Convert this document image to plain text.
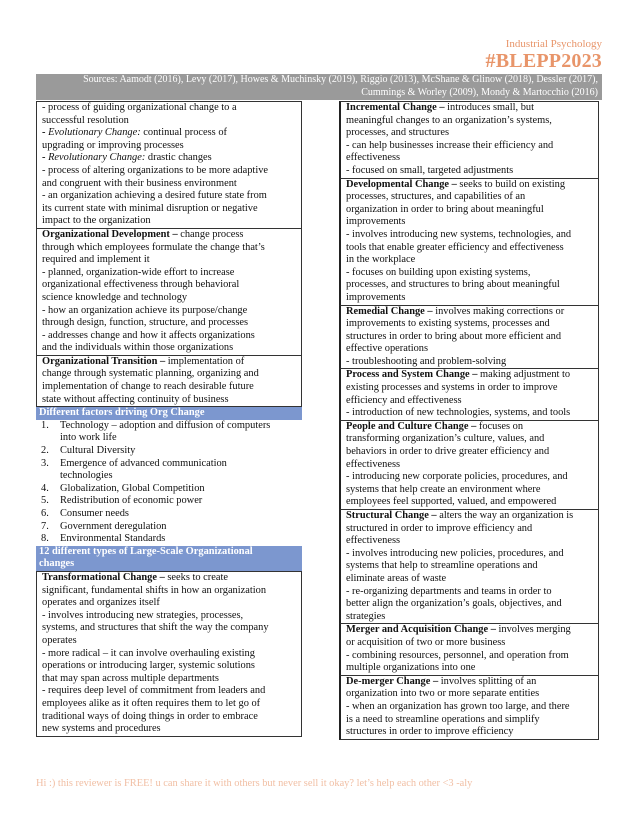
Industrial Psychology
#BLEPP2023
Sources: Aamodt (2016), Levy (2017), Howes & Muchinsky (2019), Riggio (2013), McShane & Glinow (2018), Dessler (2017), Cummings & Worley (2009), Mondy & Martocchio (2016)
- process of guiding organizational change to a
successful resolution
- Evolutionary Change: continual process of
upgrading or improving processes
- Revolutionary Change: drastic changes
- process of altering organizations to be more adaptive
and congruent with their business environment
- an organization achieving a desired future state from
its current state with minimal disruption or negative
impact to the organization
Organizational Development – change process
through which employees formulate the change that’s
required and implement it
- planned, organization-wide effort to increase
organizational effectiveness through behavioral
science knowledge and technology
- how an organization achieve its purpose/change
through design, function, structure, and processes
- addresses change and how it affects organizations
and the individuals within those organizations
Organizational Transition – implementation of
change through systematic planning, organizing and
implementation of change to reach desirable future
state without affecting continuity of business
Different factors driving Org Change
1. Technology – adoption and diffusion of computers
into work life
2. Cultural Diversity
3. Emergence of advanced communication
technologies
4. Globalization, Global Competition
5. Redistribution of economic power
6. Consumer needs
7. Government deregulation
8. Environmental Standards
12 different types of Large-Scale Organizational
changes
Transformational Change – seeks to create
significant, fundamental shifts in how an organization
operates and organizes itself
- involves introducing new strategies, processes,
systems, and structures that shift the way the company
operates
- more radical – it can involve overhauling existing
operations or introducing larger, systemic solutions
that may span across multiple departments
- requires deep level of commitment from leaders and
employees alike as it often requires them to let go of
traditional ways of doing things in order to embrace
new systems and procedures
Incremental Change – introduces small, but
meaningful changes to an organization’s systems,
processes, and structures
- can help businesses increase their efficiency and
effectiveness
- focused on small, targeted adjustments
Developmental Change – seeks to build on existing
processes, structures, and capabilities of an
organization in order to bring about meaningful
improvements
- involves introducing new systems, technologies, and
tools that enable greater efficiency and effectiveness
in the workplace
- focuses on building upon existing systems,
processes, and structures to bring about meaningful
improvements
Remedial Change – involves making corrections or
improvements to existing systems, processes and
structures in order to bring about more efficient and
effective operations
- troubleshooting and problem-solving
Process and System Change – making adjustment to
existing processes and systems in order to improve
efficiency and effectiveness
- introduction of new technologies, systems, and tools
People and Culture Change – focuses on
transforming organization’s culture, values, and
behaviors in order to drive greater efficiency and
effectiveness
- introducing new corporate policies, procedures, and
systems that help create an environment where
employees feel supported, valued, and empowered
Structural Change – alters the way an organization is
structured in order to improve efficiency and
effectiveness
- involves introducing new policies, procedures, and
systems that help to streamline operations and
eliminate areas of waste
- re-organizing departments and teams in order to
better align the organization’s goals, objectives, and
strategies
Merger and Acquisition Change – involves merging
or acquisition of two or more business
- combining resources, personnel, and operation from
multiple organizations into one
De-merger Change – involves splitting of an
organization into two or more separate entities
- when an organization has grown too large, and there
is a need to streamline operations and simplify
structures in order to improve efficiency
Hi :) this reviewer is FREE! u can share it with others but never sell it okay? let’s help each other <3 -aly
